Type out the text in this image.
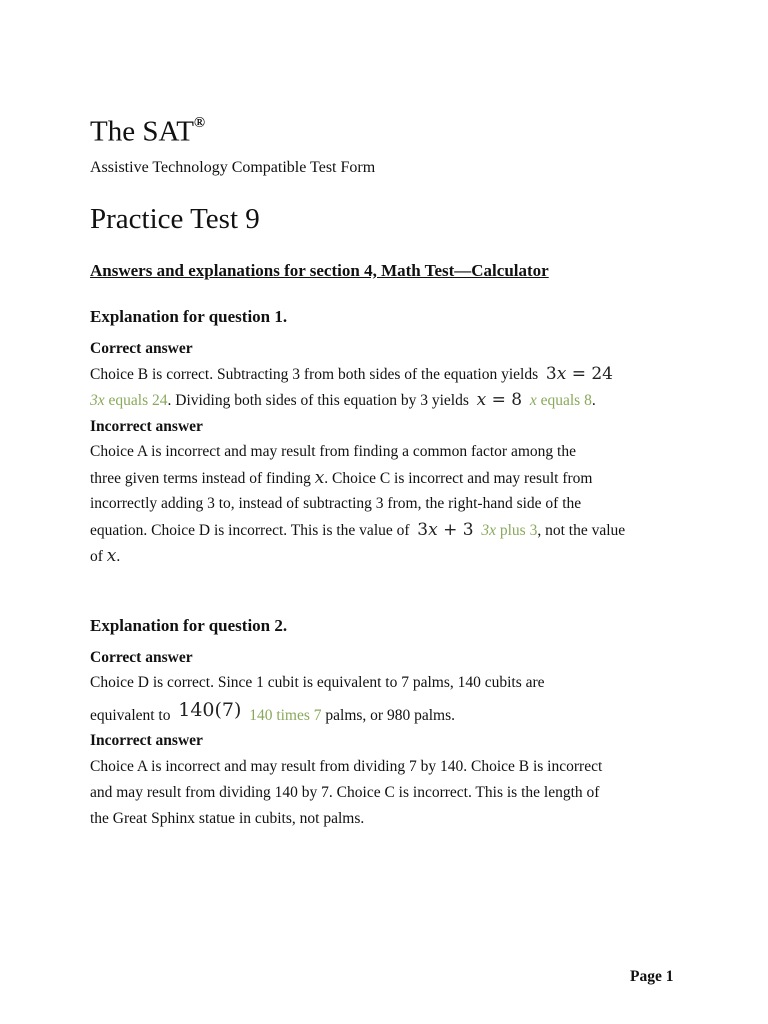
The SAT®
Assistive Technology Compatible Test Form
Practice Test 9
Answers and explanations for section 4, Math Test—Calculator
Explanation for question 1.
Correct answer
Choice B is correct. Subtracting 3 from both sides of the equation yields 3x = 24
3x equals 24. Dividing both sides of this equation by 3 yields x = 8 x equals 8.
Incorrect answer
Choice A is incorrect and may result from finding a common factor among the
three given terms instead of finding x. Choice C is incorrect and may result from
incorrectly adding 3 to, instead of subtracting 3 from, the right-hand side of the
equation. Choice D is incorrect. This is the value of 3x + 3 3x plus 3, not the value
of x.
Explanation for question 2.
Correct answer
Choice D is correct. Since 1 cubit is equivalent to 7 palms, 140 cubits are
equivalent to 140(7) 140 times 7 palms, or 980 palms.
Incorrect answer
Choice A is incorrect and may result from dividing 7 by 140. Choice B is incorrect
and may result from dividing 140 by 7. Choice C is incorrect. This is the length of
the Great Sphinx statue in cubits, not palms.
Page 1
